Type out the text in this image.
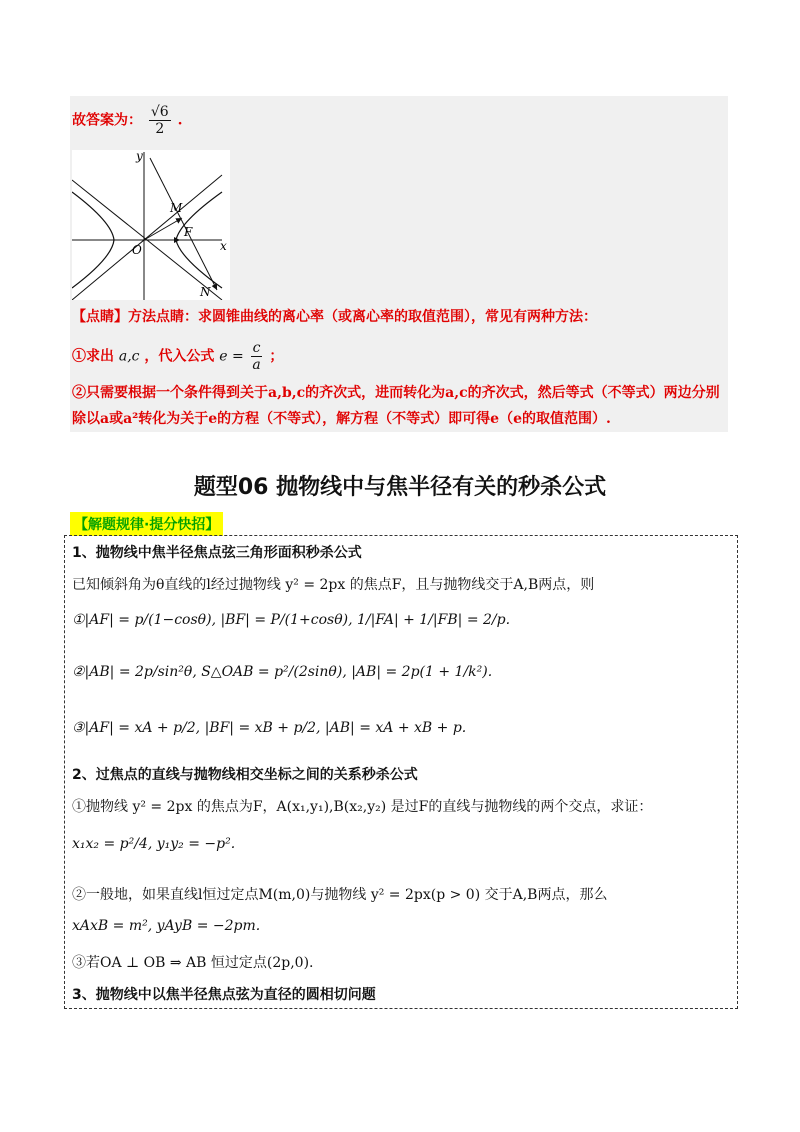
故答案为： $\frac{√6}{2}$ .
y
x
O
M
F
N
【点睛】方法点睛：求圆锥曲线的离心率（或离心率的取值范围），常见有两种方法：
①求出 a,c ，代入公式 $e = \frac{c}{a}$ ；
②只需要根据一个条件得到关于a,b,c的齐次式，进而转化为a,c的齐次式，然后等式（不等式）两边分别除以a或a²转化为关于e的方程（不等式），解方程（不等式）即可得e（e的取值范围）.
题型06 抛物线中与焦半径有关的秒杀公式
【解题规律·提分快招】
1、抛物线中焦半径焦点弦三角形面积秒杀公式
已知倾斜角为θ直线的l经过抛物线 y² = 2px 的焦点F，且与抛物线交于A,B两点，则
①|AF| = p/(1−cosθ), |BF| = P/(1+cosθ), 1/|FA| + 1/|FB| = 2/p.
②|AB| = 2p/sin²θ, S△OAB = p²/(2sinθ), |AB| = 2p(1 + 1/k²).
③|AF| = xA + p/2, |BF| = xB + p/2, |AB| = xA + xB + p.
2、过焦点的直线与抛物线相交坐标之间的关系秒杀公式
①抛物线 y² = 2px 的焦点为F，A(x₁,y₁),B(x₂,y₂) 是过F的直线与抛物线的两个交点，求证：
x₁x₂ = p²/4, y₁y₂ = −p².
②一般地，如果直线l恒过定点M(m,0)与抛物线 y² = 2px(p > 0) 交于A,B两点，那么
xAxB = m², yAyB = −2pm.
③若OA ⊥ OB ⇒ AB 恒过定点(2p,0).
3、抛物线中以焦半径焦点弦为直径的圆相切问题
